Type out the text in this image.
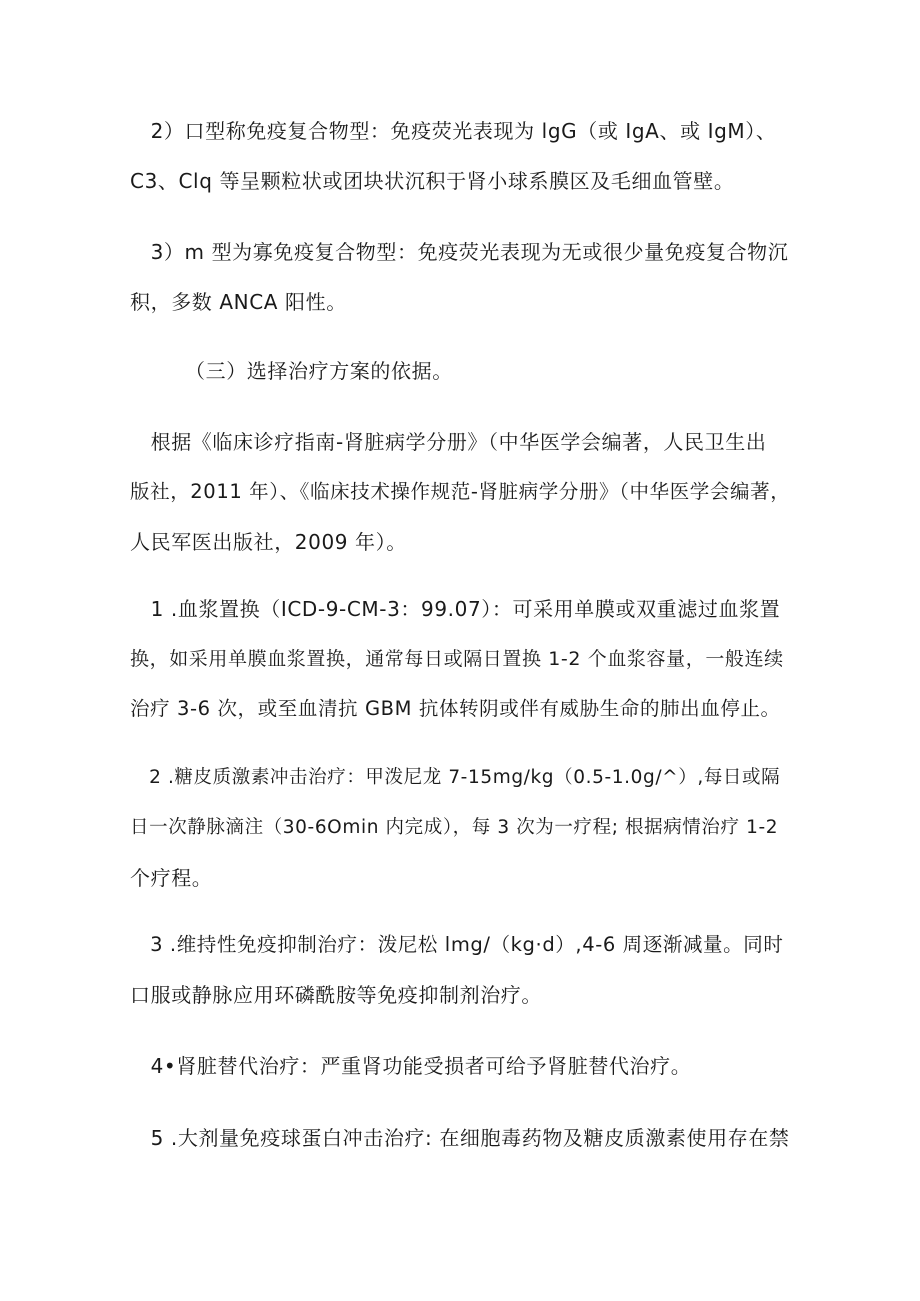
　2）口型称免疫复合物型：免疫荧光表现为 lgG（或 IgA、或 IgM）、
C3、Clq 等呈颗粒状或团块状沉积于肾小球系膜区及毛细血管壁。

　3）m 型为寡免疫复合物型：免疫荧光表现为无或很少量免疫复合物沉
积，多数 ANCA 阳性。

（三）选择治疗方案的依据。

　根据《临床诊疗指南-肾脏病学分册》（中华医学会编著，人民卫生出
版社，2011 年）、《临床技术操作规范-肾脏病学分册》（中华医学会编著，
人民军医出版社，2009 年）。

　1 .血浆置换（ICD-9-CM-3：99.07）：可采用单膜或双重滤过血浆置
换，如采用单膜血浆置换，通常每日或隔日置换 1-2 个血浆容量，一般连续
治疗 3-6 次，或至血清抗 GBM 抗体转阴或伴有威胁生命的肺出血停止。

　2 .糖皮质激素冲击治疗：甲泼尼龙 7-15mg∕kg（0.5-1.0g∕^）,每日或隔
日一次静脉滴注（30-6Omin 内完成），每 3 次为一疗程; 根据病情治疗 1-2
个疗程。

　3 .维持性免疫抑制治疗：泼尼松 lmg/（kg·d）,4-6 周逐渐减量。同时
口服或静脉应用环磷酰胺等免疫抑制剂治疗。

　4•肾脏替代治疗：严重肾功能受损者可给予肾脏替代治疗。

　5 .大剂量免疫球蛋白冲击治疗: 在细胞毒药物及糖皮质激素使用存在禁
